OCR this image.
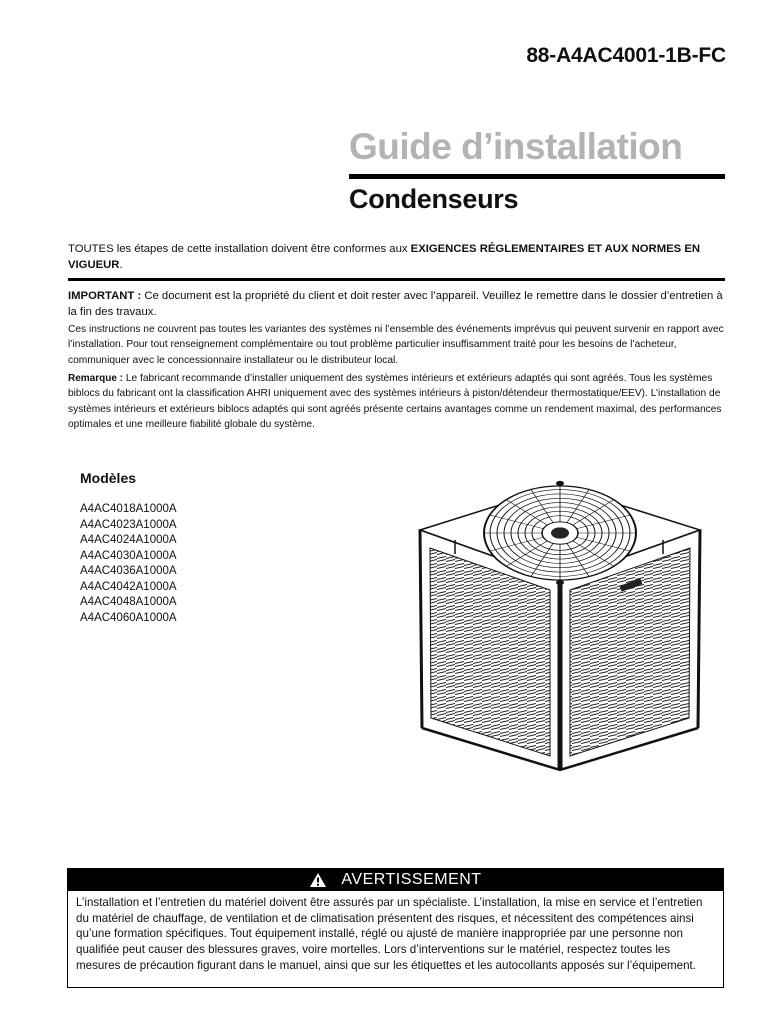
88-A4AC4001-1B-FC
Guide d’installation
Condenseurs
TOUTES les étapes de cette installation doivent être conformes aux EXIGENCES RÉGLEMENTAIRES ET AUX NORMES EN VIGUEUR.
IMPORTANT : Ce document est la propriété du client et doit rester avec l’appareil. Veuillez le remettre dans le dossier d’entretien à la fin des travaux.
Ces instructions ne couvrent pas toutes les variantes des systèmes ni l’ensemble des événements imprévus qui peuvent survenir en rapport avec l’installation. Pour tout renseignement complémentaire ou tout problème particulier insuffisamment traité pour les besoins de l’acheteur, communiquer avec le concessionnaire installateur ou le distributeur local.
Remarque : Le fabricant recommande d’installer uniquement des systèmes intérieurs et extérieurs adaptés qui sont agréés. Tous les systèmes biblocs du fabricant ont la classification AHRI uniquement avec des systèmes intérieurs à piston/détendeur thermostatique/EEV). L’installation de systèmes intérieurs et extérieurs biblocs adaptés qui sont agréés présente certains avantages comme un rendement maximal, des performances optimales et une meilleure fiabilité globale du système.
Modèles
A4AC4018A1000A
A4AC4023A1000A
A4AC4024A1000A
A4AC4030A1000A
A4AC4036A1000A
A4AC4042A1000A
A4AC4048A1000A
A4AC4060A1000A
AVERTISSEMENT
L’installation et l’entretien du matériel doivent être assurés par un spécialiste. L’installation, la mise en service et l’entretien du matériel de chauffage, de ventilation et de climatisation présentent des risques, et nécessitent des compétences ainsi qu’une formation spécifiques. Tout équipement installé, réglé ou ajusté de manière inappropriée par une personne non qualifiée peut causer des blessures graves, voire mortelles. Lors d’interventions sur le matériel, respectez toutes les mesures de précaution figurant dans le manuel, ainsi que sur les étiquettes et les autocollants apposés sur l’équipement.
